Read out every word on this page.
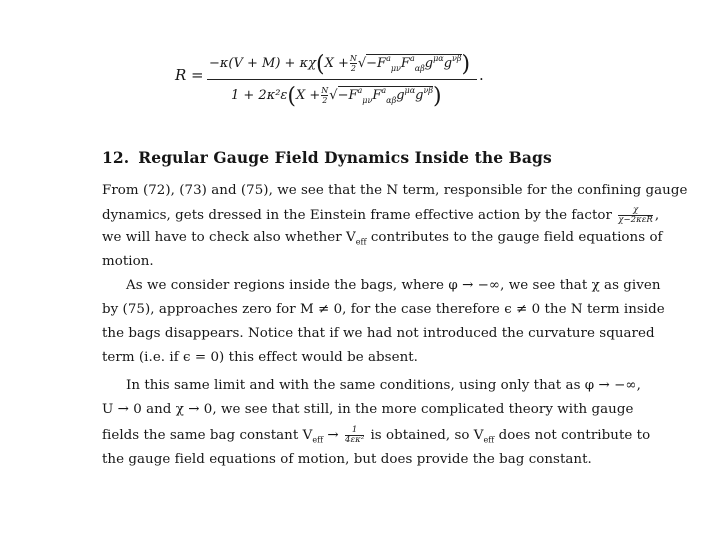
R =
$-\kappa(V + M) + \kappa\chi(X + \frac{N}{2} √-F^a_{\mu\nu}F^a_{\alpha\beta}g^{\mu\alpha}g^{\nu\beta})$
$1 + 2\kappa^2\varepsilon(X + \frac{N}{2} √-F^a_{\mu\nu}F^a_{\alpha\beta}g^{\mu\alpha}g^{\nu\beta})$
.
12. Regular Gauge Field Dynamics Inside the Bags
From (72), (73) and (75), we see that the N term, responsible for the confining gauge
dynamics, gets dressed in the Einstein frame effective action by the factor	χ
χ−2κεR ,
we will have to check also whether $V_{eff}$ contributes to the gauge field equations of
motion.
As we consider regions inside the bags, where φ → −∞, we see that χ as given
by (75), approaches zero for M ≠ 0, for the case therefore ϵ ≠ 0 the N term inside
the bags disappears. Notice that if we had not introduced the curvature squared
term (i.e. if ϵ = 0) this effect would be absent.
In this same limit and with the same conditions, using only that as φ → −∞,
U → 0 and χ → 0, we see that still, in the more complicated theory with gauge
fields the same bag constant $V_{eff} \to \frac{1}{\text{4εκ²}}$ is obtained, so $V_{eff}$ does not contribute to
the gauge field equations of motion, but does provide the bag constant.
